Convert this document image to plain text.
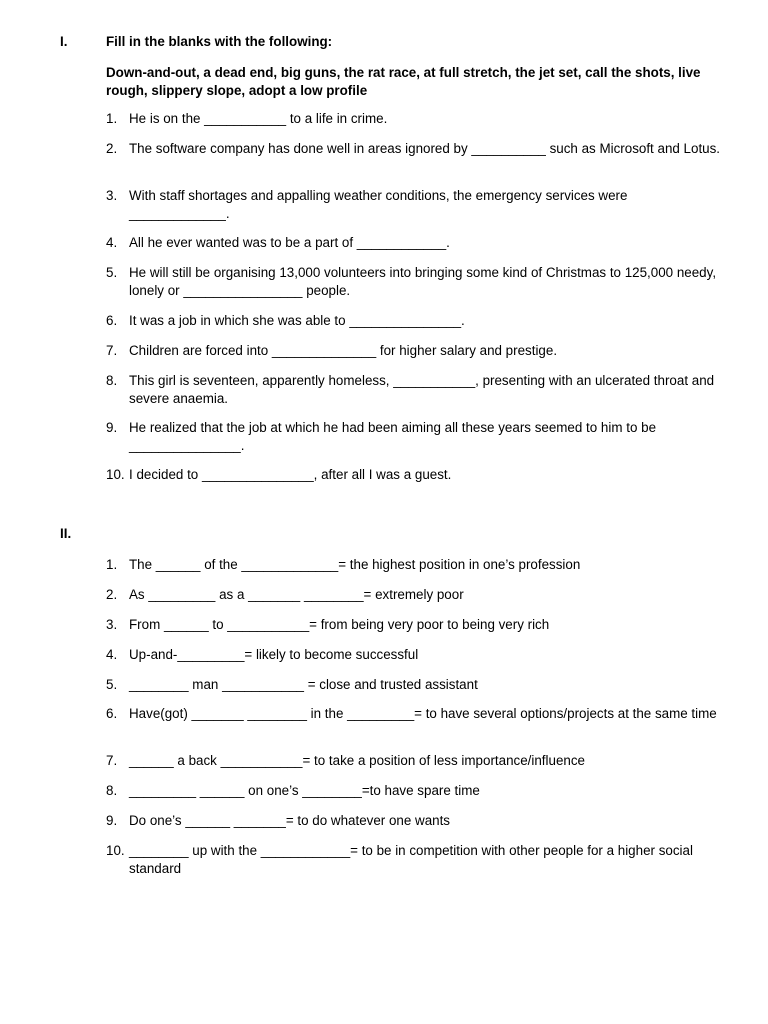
I.	Fill in the blanks with the following:
Down-and-out, a dead end, big guns, the rat race, at full stretch, the jet set, call the shots, live rough, slippery slope, adopt a low profile
1. He is on the ___________ to a life in crime.
2. The software company has done well in areas ignored by __________ such as Microsoft and Lotus.
3. With staff shortages and appalling weather conditions, the emergency services were _____________.
4. All he ever wanted was to be a part of ____________.
5. He will still be organising 13,000 volunteers into bringing some kind of Christmas to 125,000 needy, lonely or ________________ people.
6. It was a job in which she was able to _______________.
7. Children are forced into ______________ for higher salary and prestige.
8. This girl is seventeen, apparently homeless, ___________, presenting with an ulcerated throat and severe anaemia.
9. He realized that the job at which he had been aiming all these years seemed to him to be _______________.
10. I decided to _______________, after all I was a guest.
II.
1. The ______ of the _____________= the highest position in one’s profession
2. As _________ as a _______ ________= extremely poor
3. From ______ to ___________= from being very poor to being very rich
4. Up-and-_________= likely to become successful
5. ________ man ___________ = close and trusted assistant
6. Have(got) _______ ________ in the _________= to have several options/projects at the same time
7. ______ a back ___________= to take a position of less importance/influence
8. _________ ______ on one’s ________=to have spare time
9. Do one’s ______ _______= to do whatever one wants
10. ________ up with the ____________= to be in competition with other people for a higher social standard
